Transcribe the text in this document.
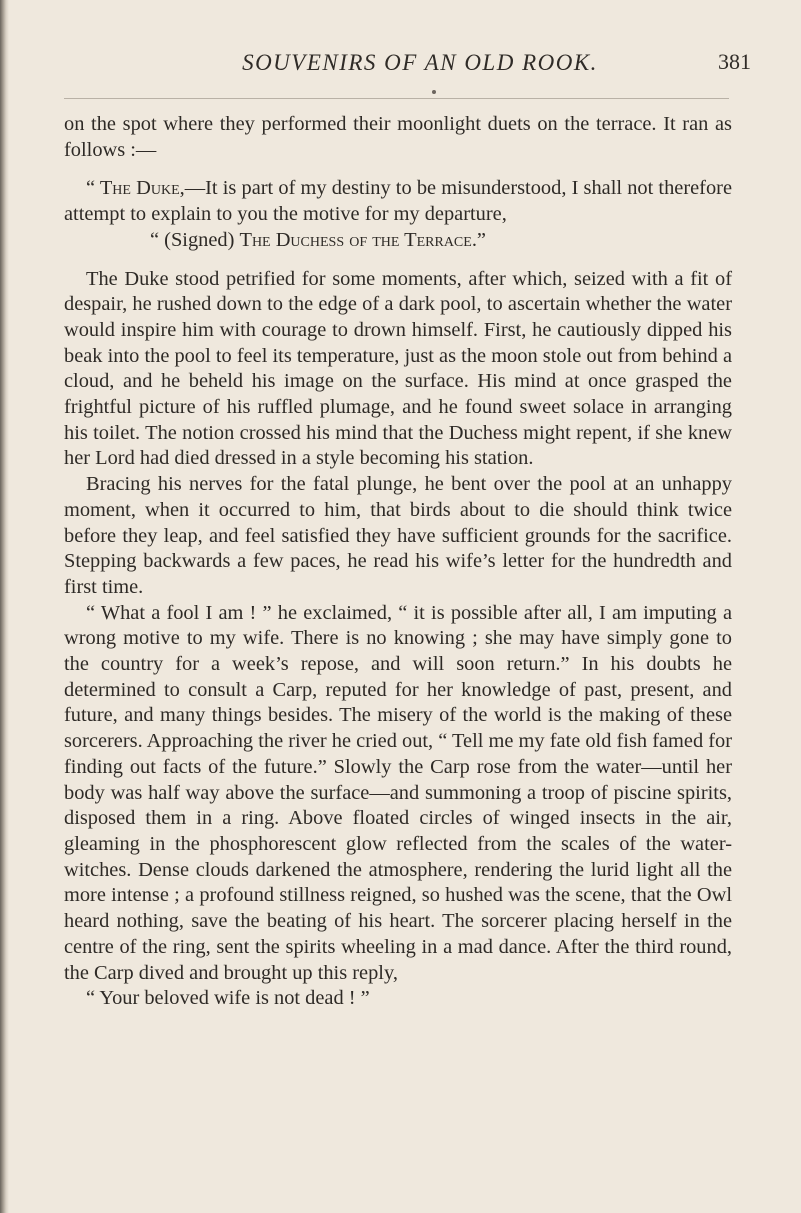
SOUVENIRS OF AN OLD ROOK.	381

on the spot where they performed their moonlight duets on the terrace. It ran as follows :—

“ The Duke,—It is part of my destiny to be misunderstood, I shall not therefore attempt to explain to you the motive for my departure,

“ (Signed) The Duchess of the Terrace.”

The Duke stood petrified for some moments, after which, seized with a fit of despair, he rushed down to the edge of a dark pool, to ascertain whether the water would inspire him with courage to drown himself. First, he cautiously dipped his beak into the pool to feel its temperature, just as the moon stole out from behind a cloud, and he beheld his image on the surface. His mind at once grasped the frightful picture of his ruffled plumage, and he found sweet solace in arranging his toilet. The notion crossed his mind that the Duchess might repent, if she knew her Lord had died dressed in a style becoming his station.

Bracing his nerves for the fatal plunge, he bent over the pool at an unhappy moment, when it occurred to him, that birds about to die should think twice before they leap, and feel satisfied they have sufficient grounds for the sacrifice. Stepping backwards a few paces, he read his wife’s letter for the hundredth and first time.

“ What a fool I am ! ” he exclaimed, “ it is possible after all, I am imputing a wrong motive to my wife. There is no knowing ; she may have simply gone to the country for a week’s repose, and will soon return.” In his doubts he determined to consult a Carp, reputed for her knowledge of past, present, and future, and many things besides. The misery of the world is the making of these sorcerers. Approaching the river he cried out, “ Tell me my fate old fish famed for finding out facts of the future.” Slowly the Carp rose from the water—until her body was half way above the surface—and summoning a troop of piscine spirits, disposed them in a ring. Above floated circles of winged insects in the air, gleaming in the phosphorescent glow reflected from the scales of the water-witches. Dense clouds darkened the atmosphere, rendering the lurid light all the more intense ; a profound stillness reigned, so hushed was the scene, that the Owl heard nothing, save the beating of his heart. The sorcerer placing herself in the centre of the ring, sent the spirits wheeling in a mad dance. After the third round, the Carp dived and brought up this reply,

“ Your beloved wife is not dead ! ”
